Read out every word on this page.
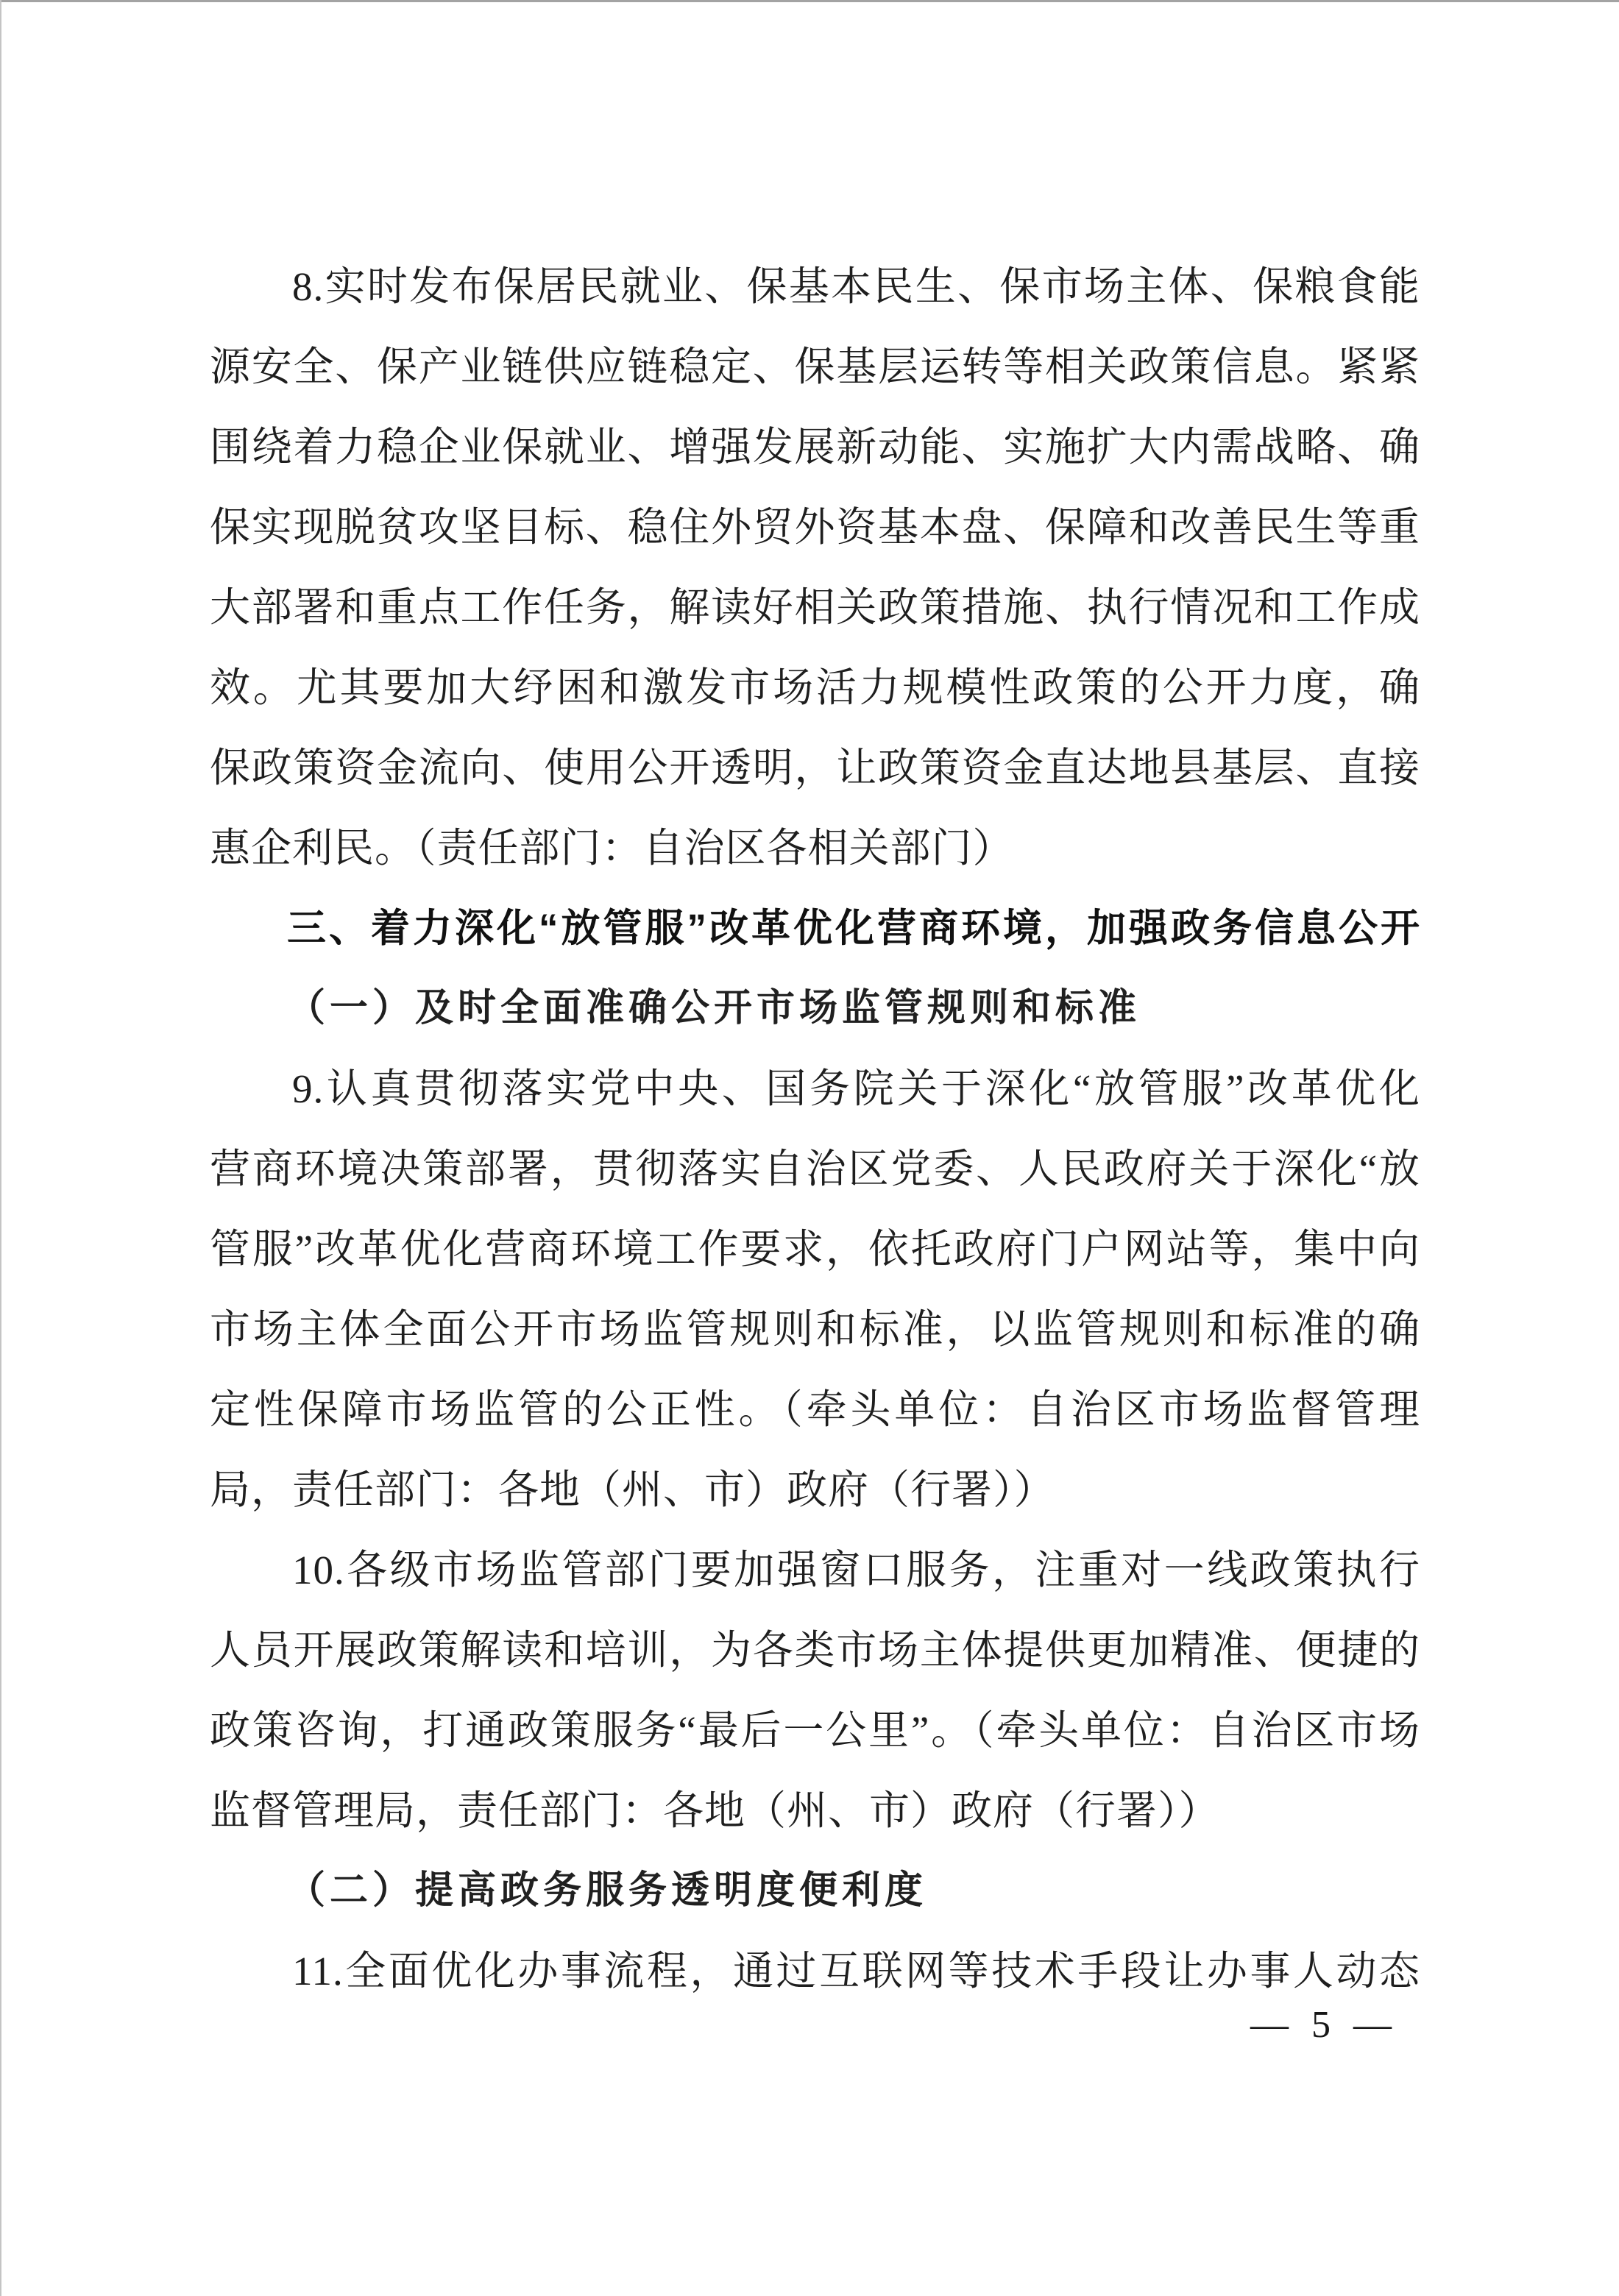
8.实时发布保居民就业、保基本民生、保市场主体、保粮食能

源安全、保产业链供应链稳定、保基层运转等相关政策信息。紧紧

围绕着力稳企业保就业、增强发展新动能、实施扩大内需战略、确

保实现脱贫攻坚目标、稳住外贸外资基本盘、保障和改善民生等重

大部署和重点工作任务，解读好相关政策措施、执行情况和工作成

效。尤其要加大纾困和激发市场活力规模性政策的公开力度，确

保政策资金流向、使用公开透明，让政策资金直达地县基层、直接

惠企利民。（责任部门：自治区各相关部门）

三、着力深化“放管服”改革优化营商环境，加强政务信息公开

（一）及时全面准确公开市场监管规则和标准

9.认真贯彻落实党中央、国务院关于深化“放管服”改革优化

营商环境决策部署，贯彻落实自治区党委、人民政府关于深化“放

管服”改革优化营商环境工作要求，依托政府门户网站等，集中向

市场主体全面公开市场监管规则和标准，以监管规则和标准的确

定性保障市场监管的公正性。（牵头单位：自治区市场监督管理

局，责任部门：各地（州、市）政府（行署））

10.各级市场监管部门要加强窗口服务，注重对一线政策执行

人员开展政策解读和培训，为各类市场主体提供更加精准、便捷的

政策咨询，打通政策服务“最后一公里”。（牵头单位：自治区市场

监督管理局，责任部门：各地（州、市）政府（行署））

（二）提高政务服务透明度便利度

11.全面优化办事流程，通过互联网等技术手段让办事人动态

— 5 —
